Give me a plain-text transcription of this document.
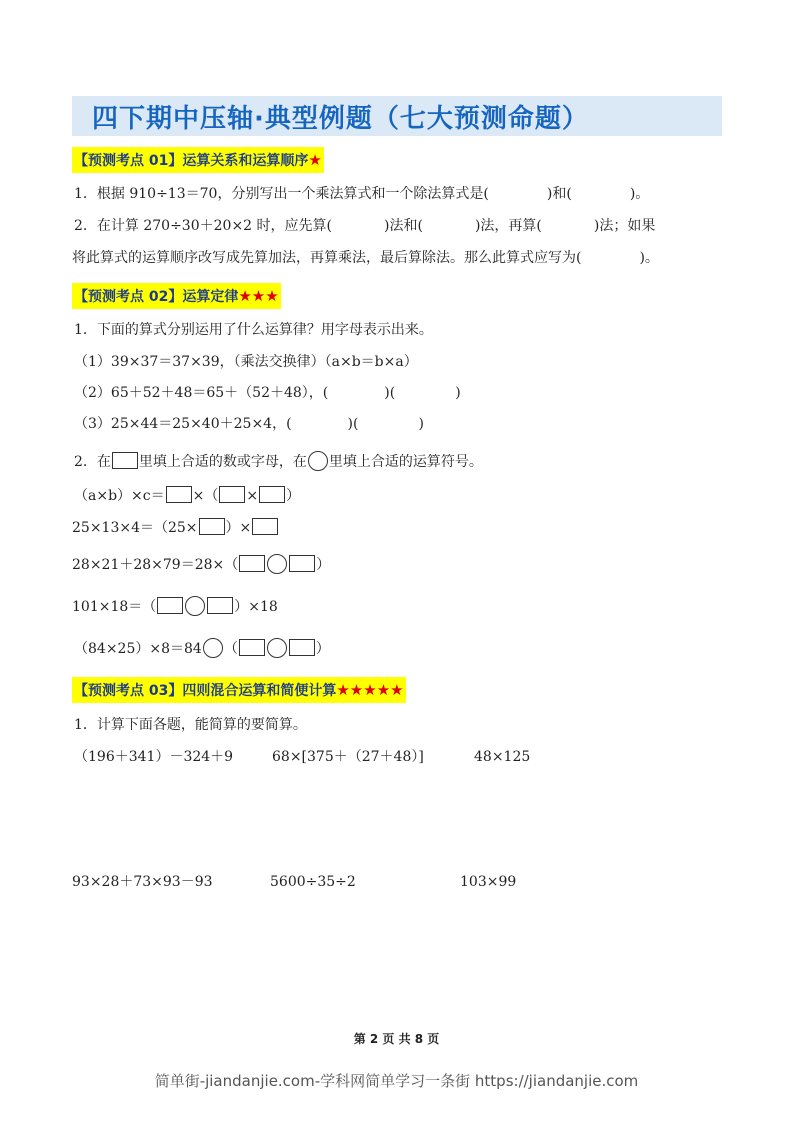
四下期中压轴·典型例题（七大预测命题）
【预测考点 01】运算关系和运算顺序★
1．根据 910÷13＝70，分别写出一个乘法算式和一个除法算式是(	)和(	)。
2．在计算 270÷30＋20×2 时，应先算(	)法和(	)法，再算(	)法；如果
将此算式的运算顺序改写成先算加法，再算乘法，最后算除法。那么此算式应写为(	)。
【预测考点 02】运算定律★★★
1．下面的算式分别运用了什么运算律？用字母表示出来。
（1）39×37＝37×39，（乘法交换律）（a×b＝b×a）
（2）65＋52＋48＝65＋（52＋48），(	)(	)
（3）25×44＝25×40＋25×4，(	)(	)
2．在 里填上合适的数或字母，在 里填上合适的运算符号。
（a×b）×c＝ ×（ × ）
25×13×4＝（25× ）×
28×21＋28×79＝28×（	）
101×18＝（	）×18
（84×25）×8＝84 （	）
【预测考点 03】四则混合运算和简便计算★★★★★
1．计算下面各题，能简算的要简算。
（196＋341）－324＋9	68×[375＋（27＋48）]	48×125
93×28＋73×93－93	5600÷35÷2	103×99
第 2 页 共 8 页
简单街-jiandanjie.com-学科网简单学习一条街 https://jiandanjie.com
